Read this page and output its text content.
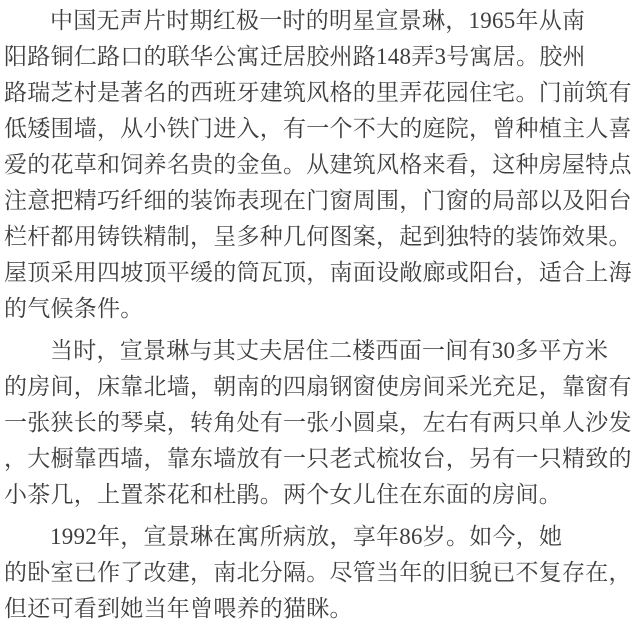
中国无声片时期红极一时的明星宣景琳，1965年从南
阳路铜仁路口的联华公寓迁居胶州路148弄3号寓居。胶州
路瑞芝村是著名的西班牙建筑风格的里弄花园住宅。门前筑有
低矮围墙，从小铁门进入，有一个不大的庭院，曾种植主人喜
爱的花草和饲养名贵的金鱼。从建筑风格来看，这种房屋特点
注意把精巧纤细的装饰表现在门窗周围，门窗的局部以及阳台
栏杆都用铸铁精制，呈多种几何图案，起到独特的装饰效果。
屋顶采用四坡顶平缓的筒瓦顶，南面设敞廊或阳台，适合上海
的气候条件。
当时，宣景琳与其丈夫居住二楼西面一间有30多平方米
的房间，床靠北墙，朝南的四扇钢窗使房间采光充足，靠窗有
一张狭长的琴桌，转角处有一张小圆桌，左右有两只单人沙发
，大橱靠西墙，靠东墙放有一只老式梳妆台，另有一只精致的
小茶几，上置茶花和杜鹃。两个女儿住在东面的房间。
1992年，宣景琳在寓所病放，享年86岁。如今，她
的卧室已作了改建，南北分隔。尽管当年的旧貌已不复存在，
但还可看到她当年曾喂养的猫眯。
